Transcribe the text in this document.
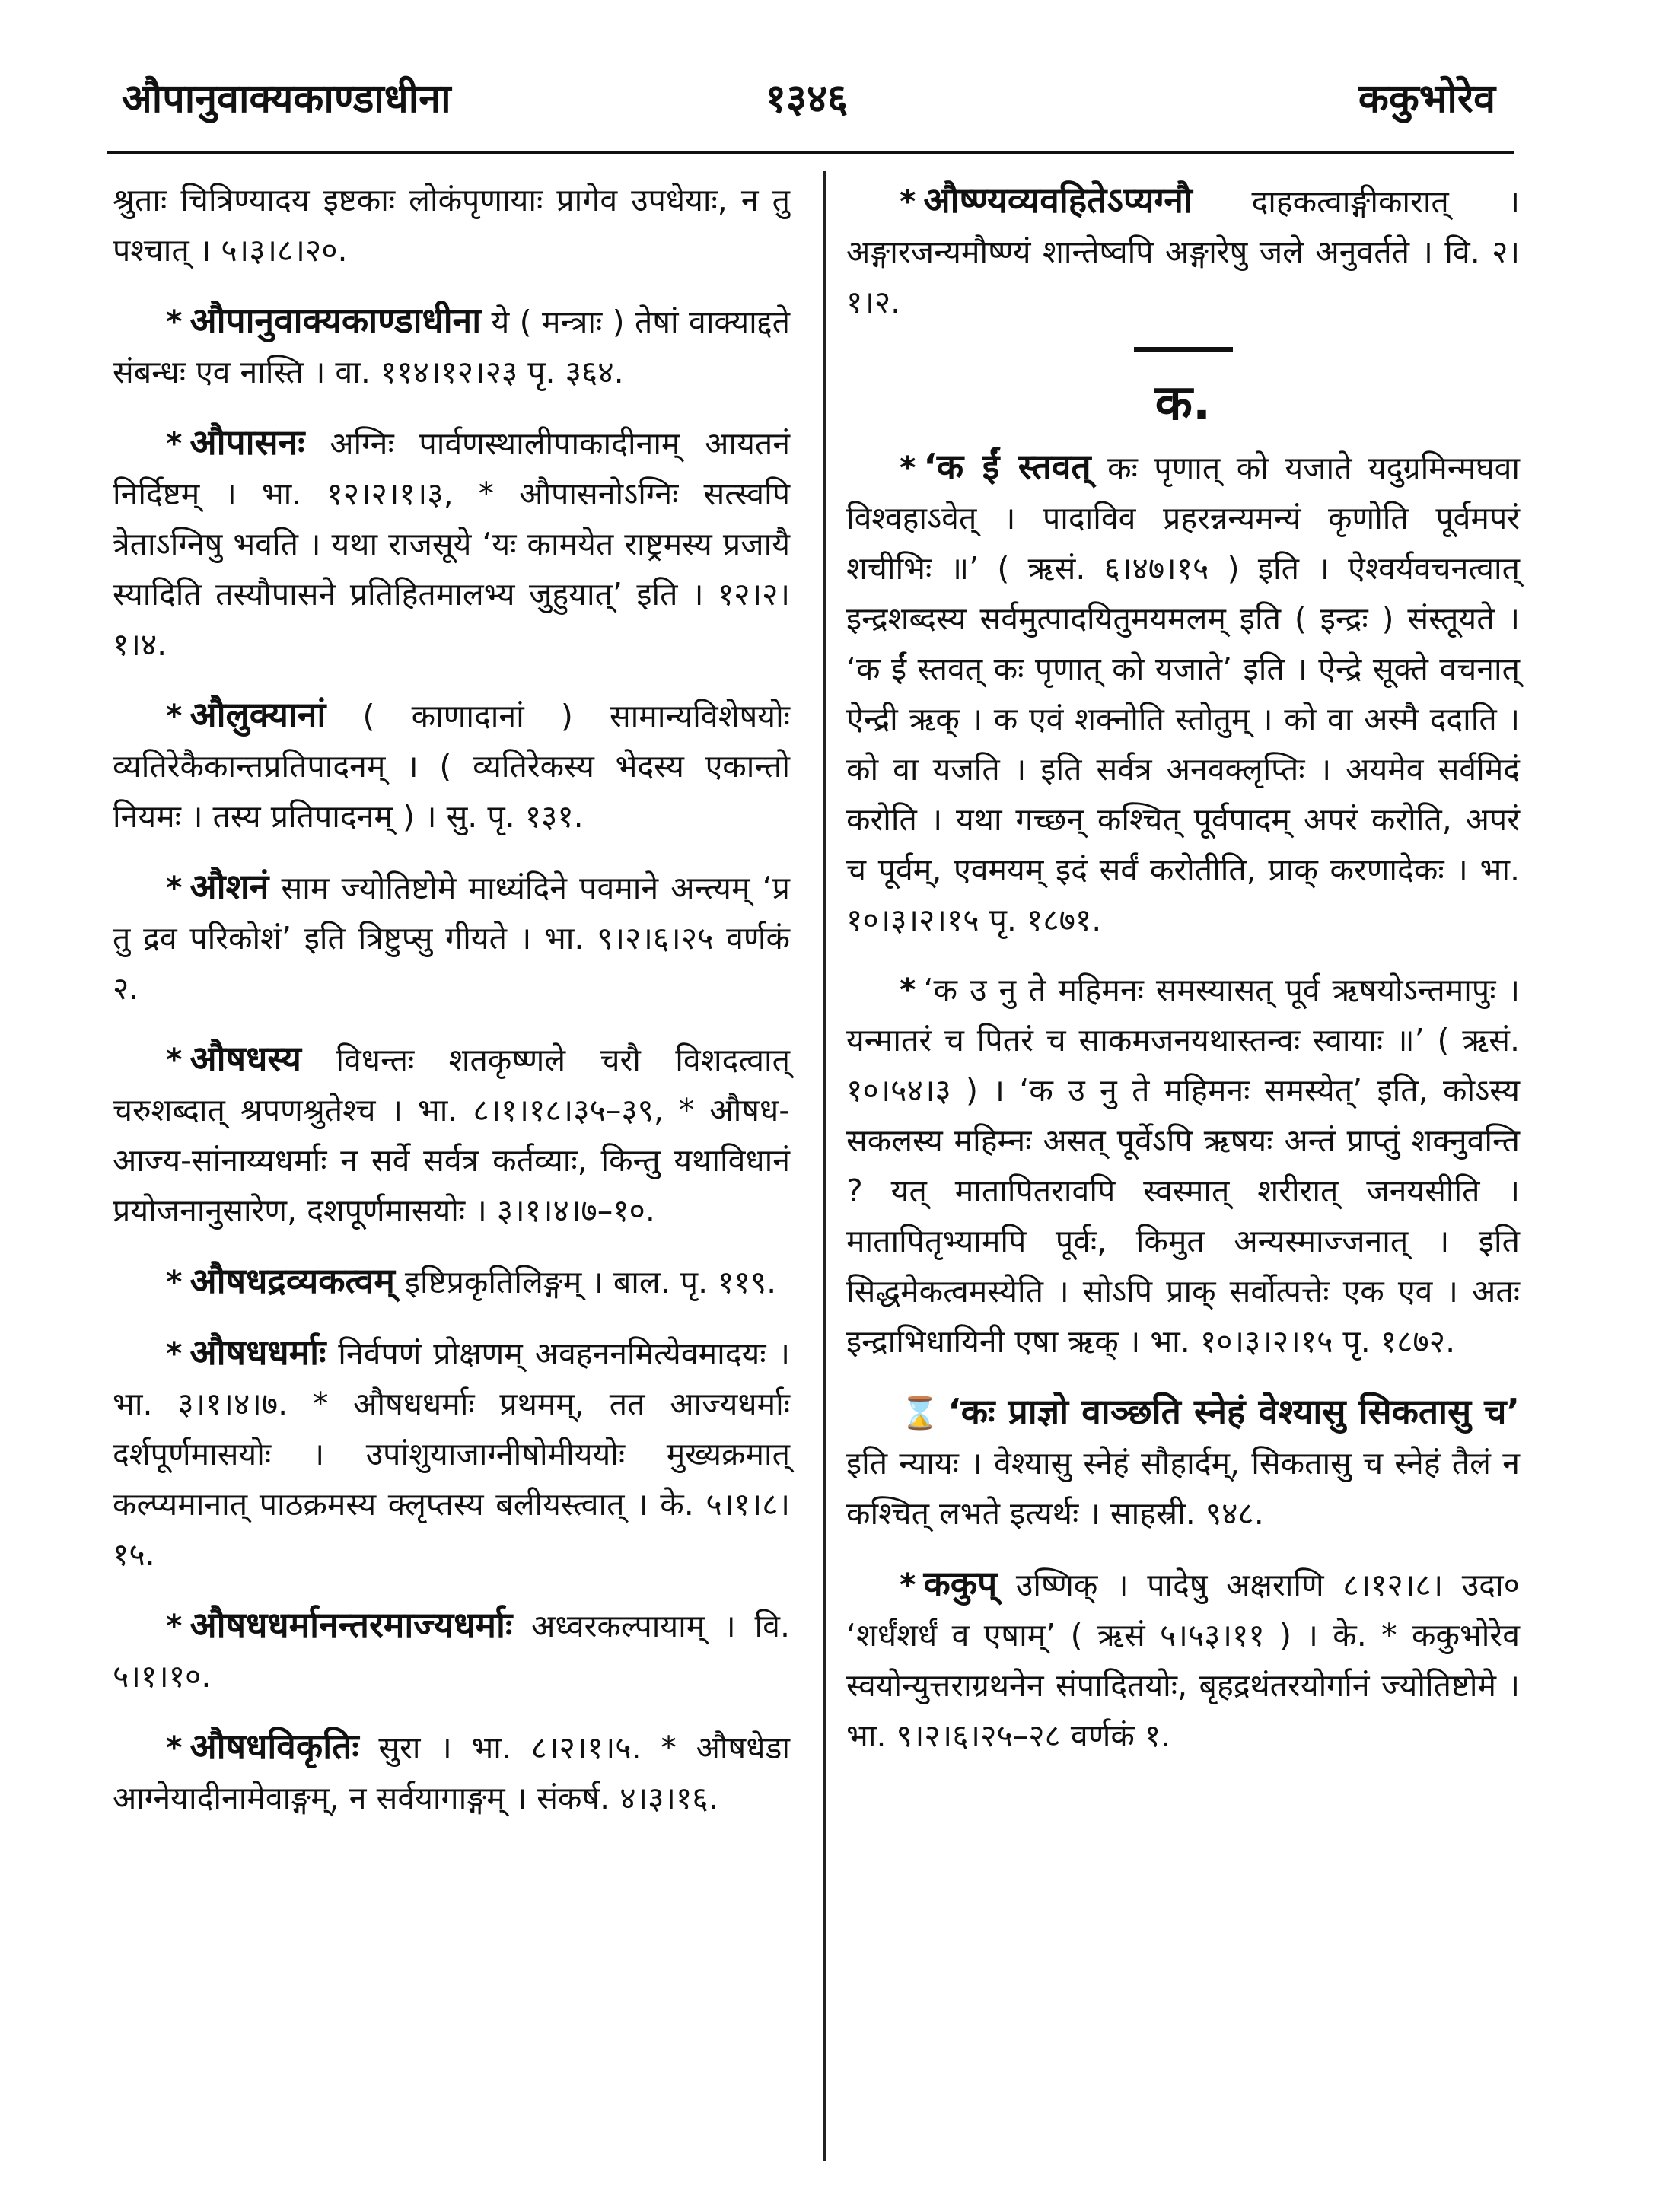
औपानुवाक्यकाण्डाधीना	१३४६	ककुभोरेव
श्रुताः चित्रिण्यादय इष्टकाः लोकंपृणायाः प्रागेव उपधेयाः, न तु पश्चात् । ५।३।८।२०.
* औपानुवाक्यकाण्डाधीना ये ( मन्त्राः ) तेषां वाक्याद्दते संबन्धः एव नास्ति । वा. ११४।१२।२३ पृ. ३६४.
* औपासनः अग्निः पार्वणस्थालीपाकादीनाम् आयतनं निर्दिष्टम् । भा. १२।२।१।३, * औपासनोऽग्निः सत्स्वपि त्रेताऽग्निषु भवति । यथा राजसूये ‘यः कामयेत राष्ट्रमस्य प्रजायै स्यादिति तस्यौपासने प्रतिहितमालभ्य जुहुयात्’ इति । १२।२।१।४.
* औलुक्यानां ( काणादानां ) सामान्यविशेषयोः व्यतिरेकैकान्तप्रतिपादनम् । ( व्यतिरेकस्य भेदस्य एकान्तो नियमः । तस्य प्रतिपादनम् ) । सु. पृ. १३१.
* औशनं साम ज्योतिष्टोमे माध्यंदिने पवमाने अन्त्यम् ‘प्र तु द्रव परिकोशं’ इति त्रिष्टुप्सु गीयते । भा. ९।२।६।२५ वर्णकं २.
* औषधस्य विधन्तः शतकृष्णले चरौ विशदत्वात् चरुशब्दात् श्रपणश्रुतेश्च । भा. ८।१।१८।३५–३९, * औषध-आज्य-सांनाय्यधर्माः न सर्वे सर्वत्र कर्तव्याः, किन्तु यथाविधानं प्रयोजनानुसारेण, दशपूर्णमासयोः । ३।१।४।७–१०.
* औषधद्रव्यकत्वम् इष्टिप्रकृतिलिङ्गम् । बाल. पृ. ११९.
* औषधधर्माः निर्वपणं प्रोक्षणम् अवहननमित्येवमादयः । भा. ३।१।४।७. * औषधधर्माः प्रथमम्, तत आज्यधर्माः दर्शपूर्णमासयोः । उपांशुयाजाग्नीषोमीययोः मुख्यक्रमात् कल्प्यमानात् पाठक्रमस्य क्लृप्तस्य बलीयस्त्वात् । के. ५।१।८।१५.
* औषधधर्मानन्तरमाज्यधर्माः अध्वरकल्पायाम् । वि. ५।१।१०.
* औषधविकृतिः सुरा । भा. ८।२।१।५. * औषधेडा आग्नेयादीनामेवाङ्गम्, न सर्वयागाङ्गम् । संकर्ष. ४।३।१६.
* औष्ण्यव्यवहितेऽप्यग्नौ दाहकत्वाङ्गीकारात् । अङ्गारजन्यमौष्ण्यं शान्तेष्वपि अङ्गारेषु जले अनुवर्तते । वि. २।१।२.
क.
* ‘क ईं स्तवत् कः पृणात् को यजाते यदुग्रमिन्मघवा विश्वहाऽवेत् । पादाविव प्रहरन्नन्यमन्यं कृणोति पूर्वमपरं शचीभिः ॥’ ( ऋसं. ६।४७।१५ ) इति । ऐश्वर्यवचनत्वात् इन्द्रशब्दस्य सर्वमुत्पादयितुमयमलम् इति ( इन्द्रः ) संस्तूयते । ‘क ईं स्तवत् कः पृणात् को यजाते’ इति । ऐन्द्रे सूक्ते वचनात् ऐन्द्री ऋक् । क एवं शक्नोति स्तोतुम् । को वा अस्मै ददाति । को वा यजति । इति सर्वत्र अनवक्लृप्तिः । अयमेव सर्वमिदं करोति । यथा गच्छन् कश्चित् पूर्वपादम् अपरं करोति, अपरं च पूर्वम्, एवमयम् इदं सर्वं करोतीति, प्राक् करणादेकः । भा. १०।३।२।१५ पृ. १८७१.
* ‘क उ नु ते महिमनः समस्यासत् पूर्व ऋषयोऽन्तमापुः । यन्मातरं च पितरं च साकमजनयथास्तन्वः स्वायाः ॥’ ( ऋसं. १०।५४।३ ) । ‘क उ नु ते महिमनः समस्येत्’ इति, कोऽस्य सकलस्य महिम्नः असत् पूर्वेऽपि ऋषयः अन्तं प्राप्तुं शक्नुवन्ति ? यत् मातापितरावपि स्वस्मात् शरीरात् जनयसीति । मातापितृभ्यामपि पूर्वः, किमुत अन्यस्माज्जनात् । इति सिद्धमेकत्वमस्येति । सोऽपि प्राक् सर्वोत्पत्तेः एक एव । अतः इन्द्राभिधायिनी एषा ऋक् । भा. १०।३।२।१५ पृ. १८७२.
⌛ ‘कः प्राज्ञो वाञ्छति स्नेहं वेश्यासु सिकतासु च’ इति न्यायः । वेश्यासु स्नेहं सौहार्दम्, सिकतासु च स्नेहं तैलं न कश्चित् लभते इत्यर्थः । साहस्री. ९४८.
* ककुप् उष्णिक् । पादेषु अक्षराणि ८।१२।८। उदा० ‘शर्धंशर्धं व एषाम्’ ( ऋसं ५।५३।११ ) । के. * ककुभोरेव स्वयोन्युत्तराग्रथनेन संपादितयोः, बृहद्रथंतरयोर्गानं ज्योतिष्टोमे । भा. ९।२।६।२५–२८ वर्णकं १.
